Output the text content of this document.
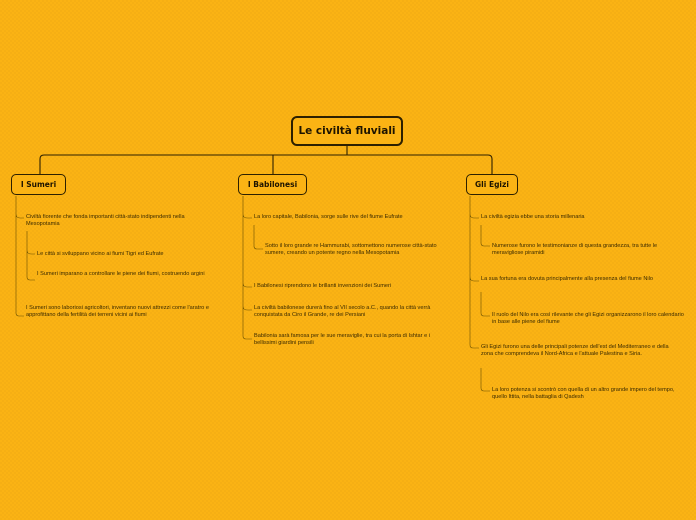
Le civiltà fluviali
I Sumeri	I Babilonesi	Gli Egizi
Civiltà fiorente che fonda importanti città-stato indipendenti nella Mesopotamia
Le città si sviluppano vicino ai fiumi Tigri ed Eufrate
I Sumeri imparano a controllare le piene dei fiumi, costruendo argini
I Sumeri sono laboriosi agricoltori, inventano nuovi attrezzi come l'aratro e approfittano della fertilità dei terreni vicini ai fiumi
La loro capitale, Babilonia, sorge sulle rive del fiume Eufrate
Sotto il loro grande re Hammurabi, sottomettono numerose città-stato sumere, creando un potente regno nella Mesopotamia
I Babilonesi riprendono le brillanti invenzioni dei Sumeri
La civiltà babilonese durerà fino al VII secolo a.C., quando la città verrà conquistata da Ciro il Grande, re dei Persiani
Babilonia sarà famosa per le sue meraviglie, tra cui la porta di Ishtar e i bellissimi giardini pensili
La civiltà egizia ebbe una storia millenaria
Numerose furono le testimonianze di questa grandezza, tra tutte le meravigliose piramidi
La sua fortuna era dovuta principalmente alla presenza del fiume Nilo
Il ruolo del Nilo era così rilevante che gli Egizi organizzarono il loro calendario in base alle piene del fiume
Gli Egizi furono una delle principali potenze dell'est del Mediterraneo e della zona che comprendeva il Nord-Africa e l'attuale Palestina e Siria.
La loro potenza si scontrò con quella di un altro grande impero del tempo, quello Ittita, nella battaglia di Qadesh
